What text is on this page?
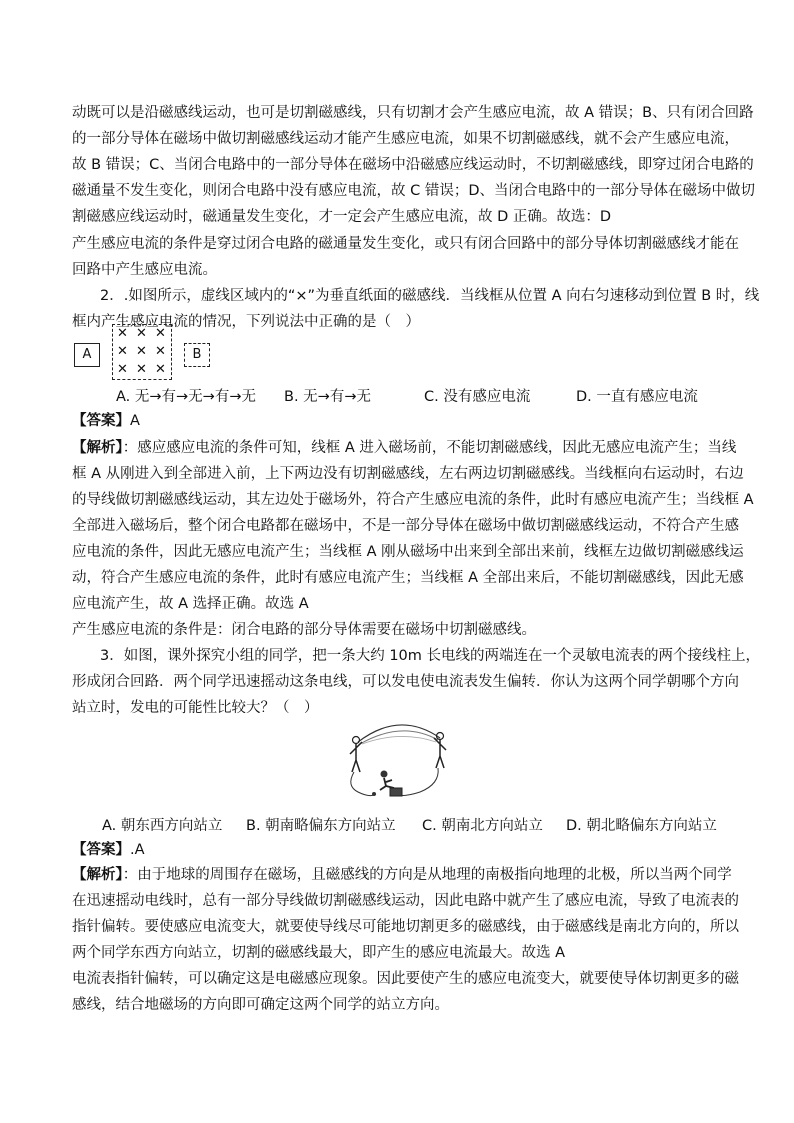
动既可以是沿磁感线运动，也可是切割磁感线，只有切割才会产生感应电流，故 A 错误；B、只有闭合回路
的一部分导体在磁场中做切割磁感线运动才能产生感应电流，如果不切割磁感线，就不会产生感应电流，
故 B 错误；C、当闭合电路中的一部分导体在磁场中沿磁感应线运动时，不切割磁感线，即穿过闭合电路的
磁通量不发生变化，则闭合电路中没有感应电流，故 C 错误；D、当闭合电路中的一部分导体在磁场中做切
割磁感应线运动时，磁通量发生变化，才一定会产生感应电流，故 D 正确。故选：D
产生感应电流的条件是穿过闭合电路的磁通量发生变化，或只有闭合回路中的部分导体切割磁感线才能在
回路中产生感应电流。
2．.如图所示，虚线区域内的“×”为垂直纸面的磁感线．当线框从位置 A 向右匀速移动到位置 B 时，线
框内产生感应电流的情况，下列说法中正确的是（　）
A
✕ ✕ ✕
✕ ✕ ✕
✕ ✕ ✕
B
A. 无→有→无→有→无 B. 无→有→无	C. 没有感应电流	D. 一直有感应电流
【答案】A
【解析】：感应感应电流的条件可知，线框 A 进入磁场前，不能切割磁感线，因此无感应电流产生；当线
框 A 从刚进入到全部进入前，上下两边没有切割磁感线，左右两边切割磁感线。当线框向右运动时，右边
的导线做切割磁感线运动，其左边处于磁场外，符合产生感应电流的条件，此时有感应电流产生；当线框 A
全部进入磁场后，整个闭合电路都在磁场中，不是一部分导体在磁场中做切割磁感线运动，不符合产生感
应电流的条件，因此无感应电流产生；当线框 A 刚从磁场中出来到全部出来前，线框左边做切割磁感线运
动，符合产生感应电流的条件，此时有感应电流产生；当线框 A 全部出来后，不能切割磁感线，因此无感
应电流产生，故 A 选择正确。故选 A
产生感应电流的条件是：闭合电路的部分导体需要在磁场中切割磁感线。
3．如图，课外探究小组的同学，把一条大约 10m 长电线的两端连在一个灵敏电流表的两个接线柱上，
形成闭合回路．两个同学迅速摇动这条电线，可以发电使电流表发生偏转．你认为这两个同学朝哪个方向
站立时，发电的可能性比较大？（　）
A. 朝东西方向站立 B. 朝南略偏东方向站立 C. 朝南北方向站立 D. 朝北略偏东方向站立
【答案】.A
【解析】：由于地球的周围存在磁场，且磁感线的方向是从地理的南极指向地理的北极，所以当两个同学
在迅速摇动电线时，总有一部分导线做切割磁感线运动，因此电路中就产生了感应电流，导致了电流表的
指针偏转。要使感应电流变大，就要使导线尽可能地切割更多的磁感线，由于磁感线是南北方向的，所以
两个同学东西方向站立，切割的磁感线最大，即产生的感应电流最大。故选 A
电流表指针偏转，可以确定这是电磁感应现象。因此要使产生的感应电流变大，就要使导体切割更多的磁
感线，结合地磁场的方向即可确定这两个同学的站立方向。
